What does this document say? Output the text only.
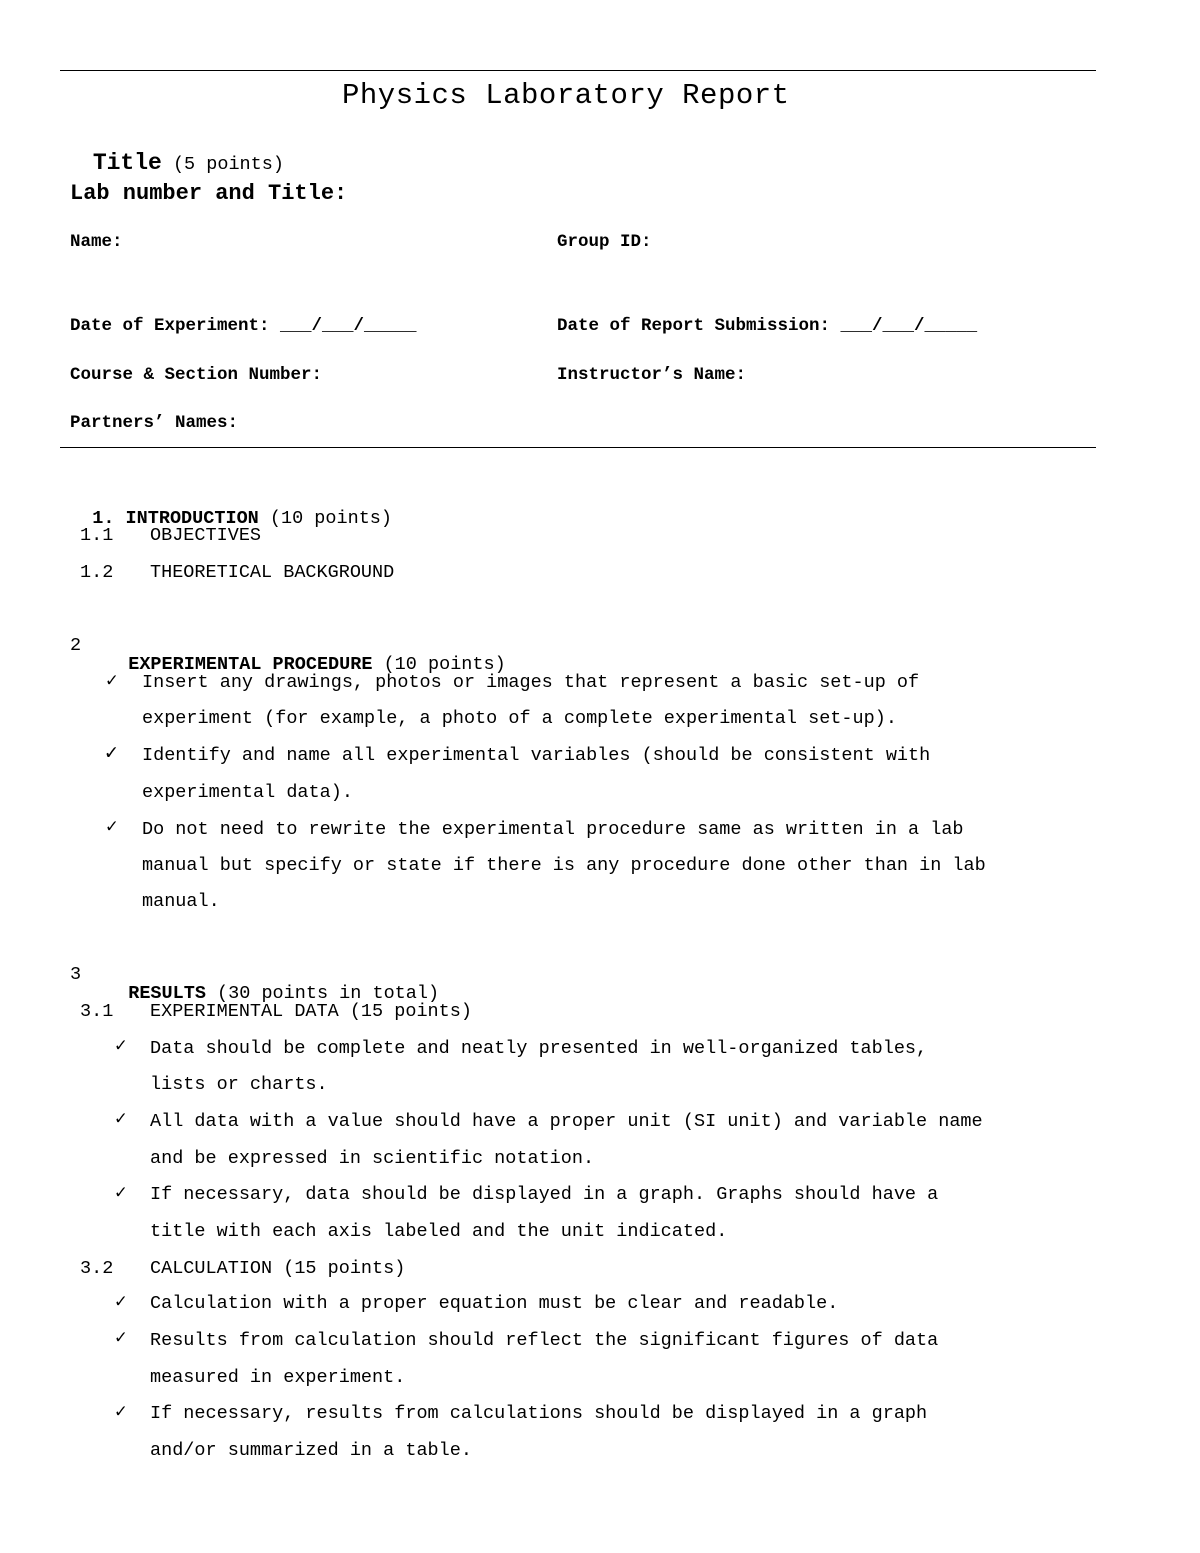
Physics Laboratory Report

Title (5 points)

Lab number and Title:
Name:	Group ID:
Date of Experiment: ___/___/_____	Date of Report Submission: ___/___/_____
Course & Section Number:	Instructor’s Name:
Partners’ Names:

1. INTRODUCTION (10 points)

1.1 OBJECTIVES
1.2 THEORETICAL BACKGROUND
2

EXPERIMENTAL PROCEDURE (10 points)

✓ Insert any drawings, photos or images that represent a basic set-up of
experiment (for example, a photo of a complete experimental set-up).
✓ Identify and name all experimental variables (should be consistent with
experimental data).
✓ Do not need to rewrite the experimental procedure same as written in a lab
manual but specify or state if there is any procedure done other than in lab
manual.
3

RESULTS (30 points in total)

3.1 EXPERIMENTAL DATA (15 points)
✓ Data should be complete and neatly presented in well-organized tables,
lists or charts.
✓ All data with a value should have a proper unit (SI unit) and variable name
and be expressed in scientific notation.
✓ If necessary, data should be displayed in a graph. Graphs should have a
title with each axis labeled and the unit indicated.
3.2 CALCULATION (15 points)
✓ Calculation with a proper equation must be clear and readable.
✓ Results from calculation should reflect the significant figures of data
measured in experiment.
✓ If necessary, results from calculations should be displayed in a graph
and/or summarized in a table.
